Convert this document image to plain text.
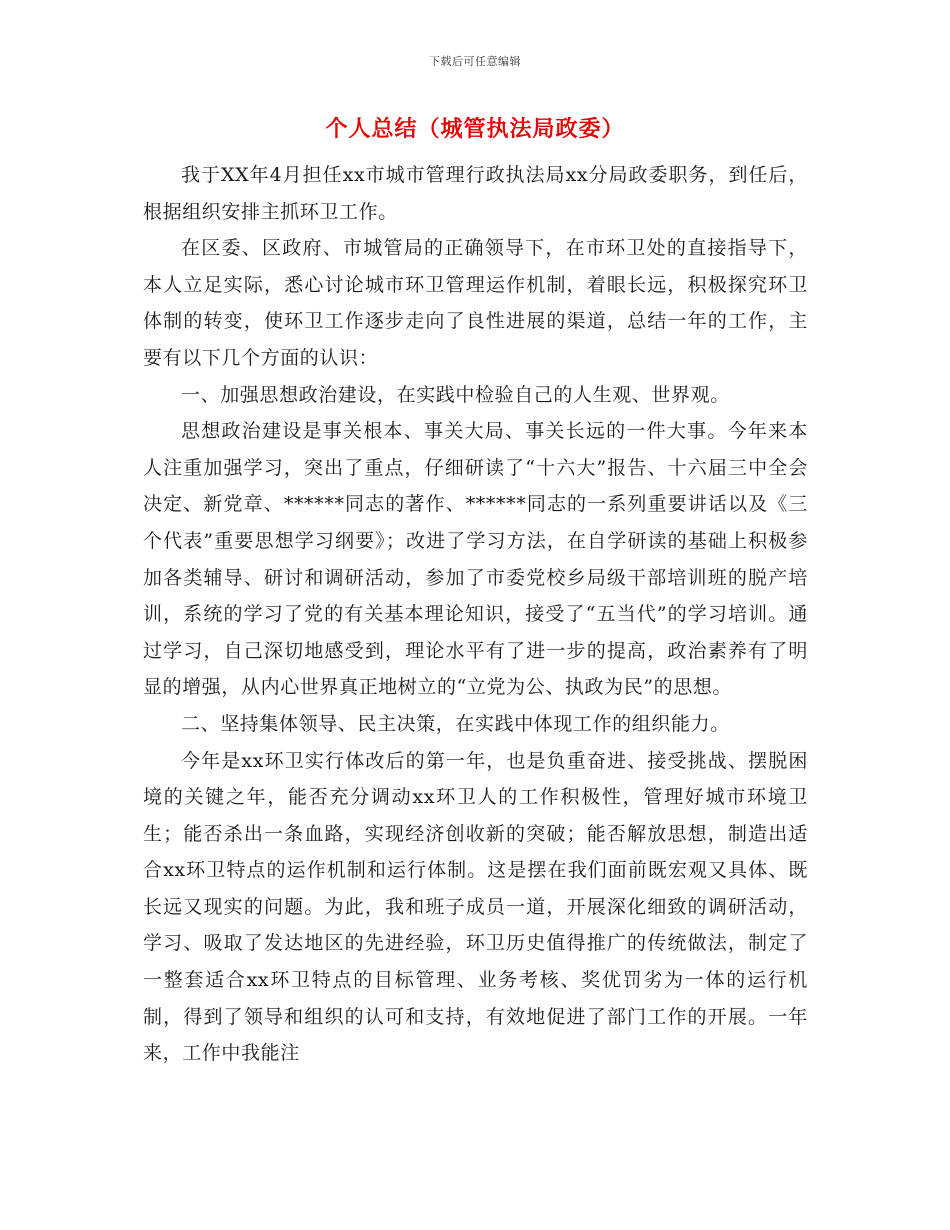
下载后可任意编辑
个人总结（城管执法局政委）

我于XX年4月担任xx市城市管理行政执法局xx分局政委职务，到任后，根据组织安排主抓环卫工作。

在区委、区政府、市城管局的正确领导下，在市环卫处的直接指导下，本人立足实际，悉心讨论城市环卫管理运作机制，着眼长远，积极探究环卫体制的转变，使环卫工作逐步走向了良性进展的渠道，总结一年的工作，主要有以下几个方面的认识：

一、加强思想政治建设，在实践中检验自己的人生观、世界观。

思想政治建设是事关根本、事关大局、事关长远的一件大事。今年来本人注重加强学习，突出了重点，仔细研读了“十六大”报告、十六届三中全会决定、新党章、******同志的著作、******同志的一系列重要讲话以及《三个代表”重要思想学习纲要》；改进了学习方法，在自学研读的基础上积极参加各类辅导、研讨和调研活动，参加了市委党校乡局级干部培训班的脱产培训，系统的学习了党的有关基本理论知识，接受了“五当代”的学习培训。通过学习，自己深切地感受到，理论水平有了进一步的提高，政治素养有了明显的增强，从内心世界真正地树立的“立党为公、执政为民”的思想。

二、坚持集体领导、民主决策，在实践中体现工作的组织能力。

今年是xx环卫实行体改后的第一年，也是负重奋进、接受挑战、摆脱困境的关键之年，能否充分调动xx环卫人的工作积极性，管理好城市环境卫生；能否杀出一条血路，实现经济创收新的突破；能否解放思想，制造出适合xx环卫特点的运作机制和运行体制。这是摆在我们面前既宏观又具体、既长远又现实的问题。为此，我和班子成员一道，开展深化细致的调研活动，学习、吸取了发达地区的先进经验，环卫历史值得推广的传统做法，制定了一整套适合xx环卫特点的目标管理、业务考核、奖优罚劣为一体的运行机制，得到了领导和组织的认可和支持，有效地促进了部门工作的开展。一年来，工作中我能注
